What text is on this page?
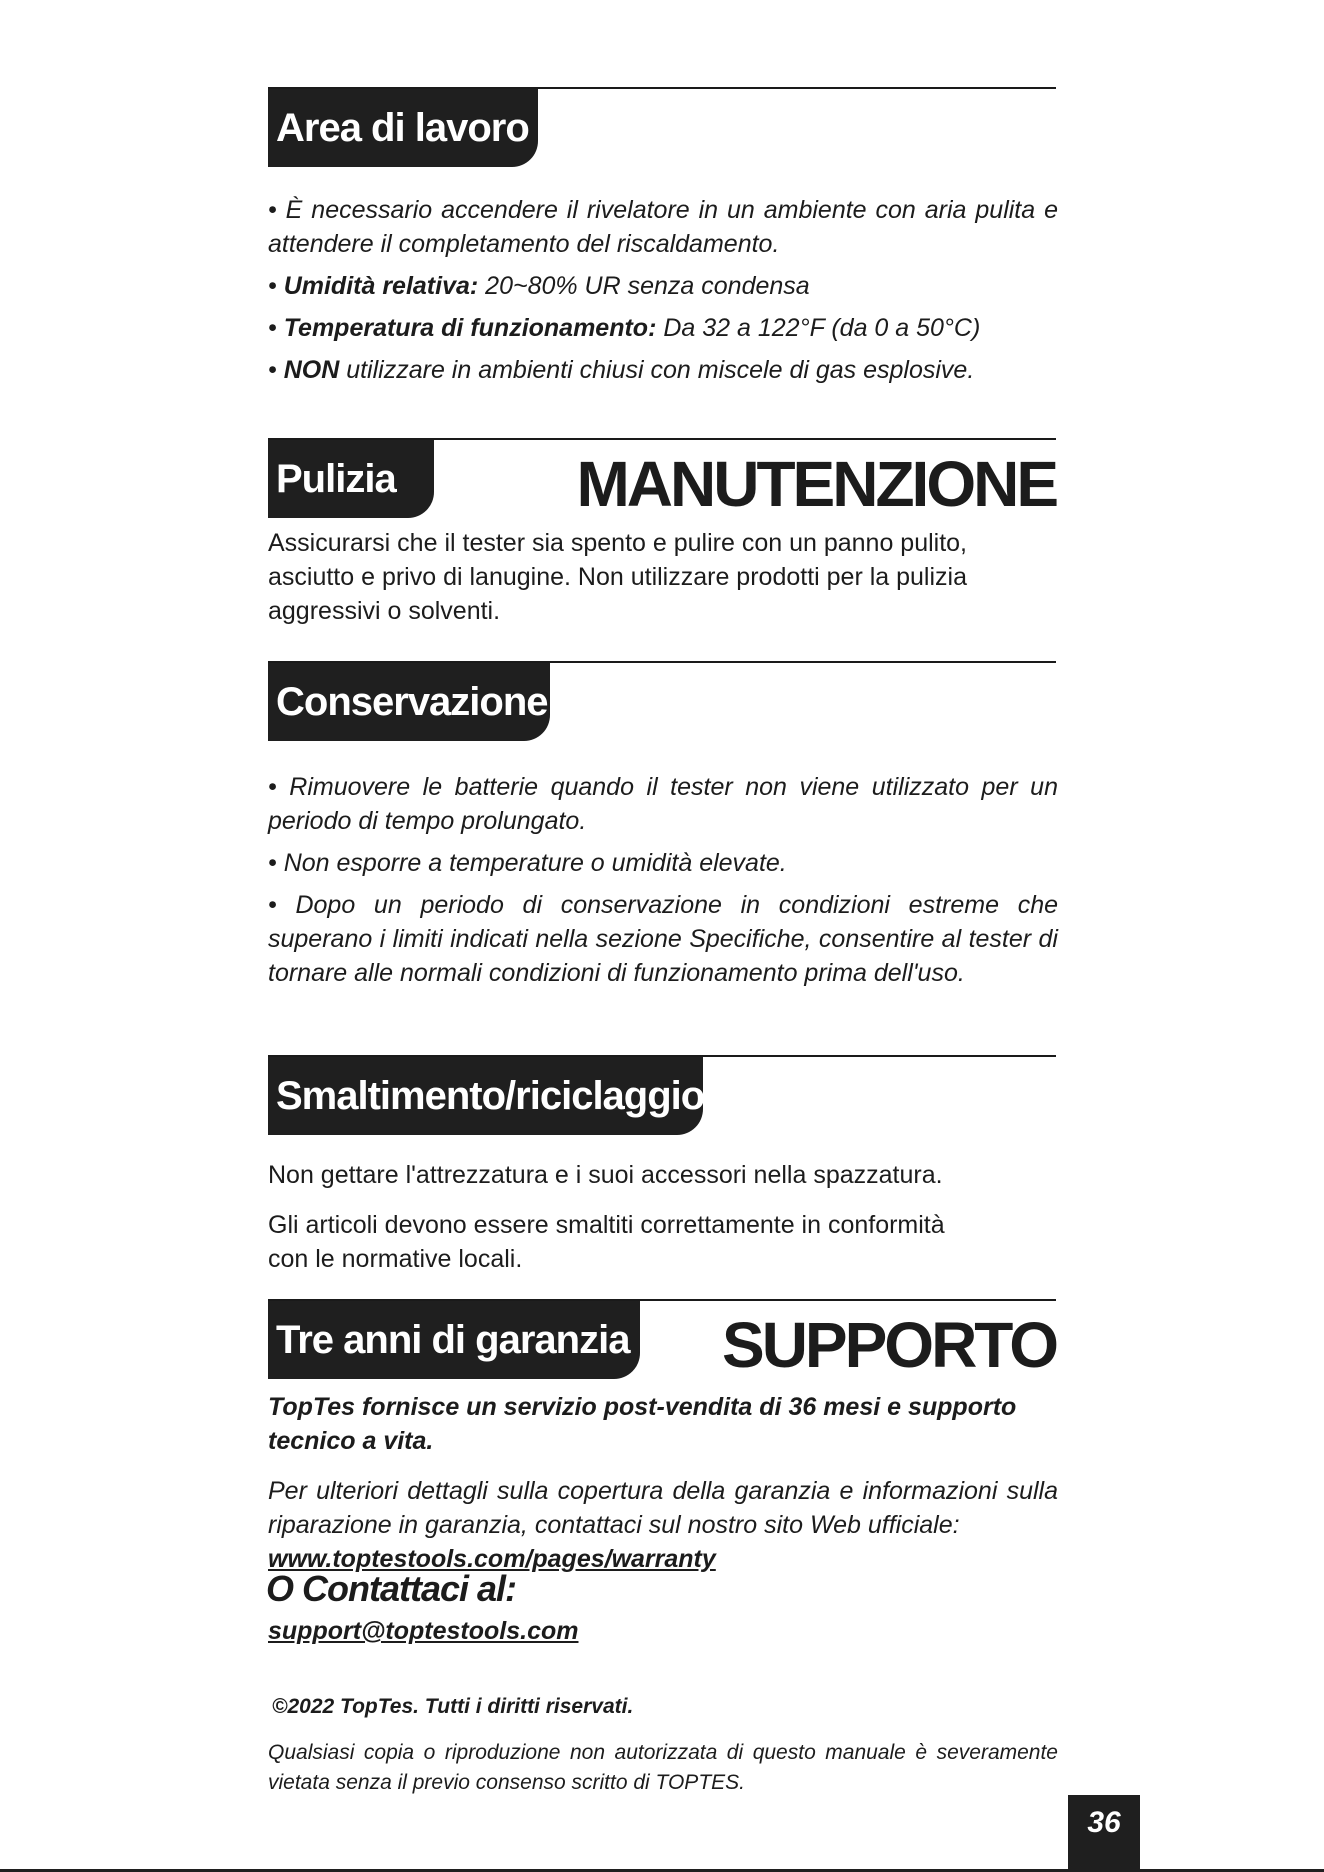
Area di lavoro

• È necessario accendere il rivelatore in un ambiente con aria pulita e attendere il completamento del riscaldamento.

• Umidità relativa: 20~80% UR senza condensa

• Temperatura di funzionamento: Da 32 a 122°F (da 0 a 50°C)

• NON utilizzare in ambienti chiusi con miscele di gas esplosive.

Pulizia	MANUTENZIONE
Assicurarsi che il tester sia spento e pulire con un panno pulito, asciutto e privo di lanugine. Non utilizzare prodotti per la pulizia aggressivi o solventi.
Conservazione

• Rimuovere le batterie quando il tester non viene utilizzato per un periodo di tempo prolungato.

• Non esporre a temperature o umidità elevate.

• Dopo un periodo di conservazione in condizioni estreme che superano i limiti indicati nella sezione Specifiche, consentire al tester di tornare alle normali condizioni di funzionamento prima dell'uso.

Smaltimento/riciclaggio

Non gettare l'attrezzatura e i suoi accessori nella spazzatura.

Gli articoli devono essere smaltiti correttamente in conformità con le normative locali.

Tre anni di garanzia SUPPORTO

TopTes fornisce un servizio post-vendita di 36 mesi e supporto tecnico a vita.

Per ulteriori dettagli sulla copertura della garanzia e informazioni sulla riparazione in garanzia, contattaci sul nostro sito Web ufficiale:

www.toptestools.com/pages/warranty
O Contattaci al:
support@toptestools.com
©2022 TopTes. Tutti i diritti riservati.
Qualsiasi copia o riproduzione non autorizzata di questo manuale è severamente vietata senza il previo consenso scritto di TOPTES.
36
